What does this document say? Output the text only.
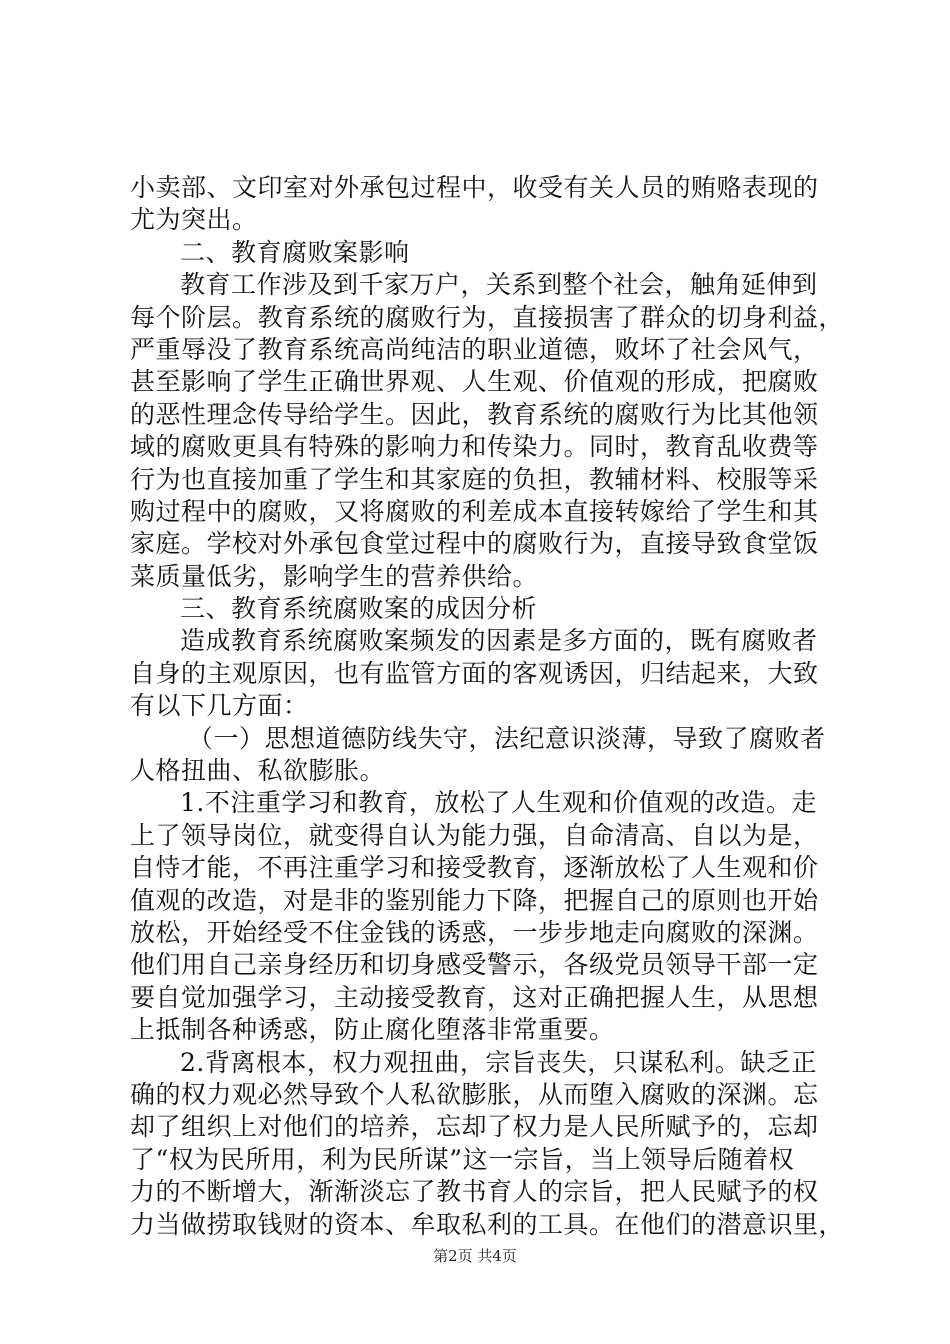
小卖部、文印室对外承包过程中，收受有关人员的贿赂表现的
尤为突出。
二、教育腐败案影响
教育工作涉及到千家万户，关系到整个社会，触角延伸到
每个阶层。教育系统的腐败行为，直接损害了群众的切身利益，
严重辱没了教育系统高尚纯洁的职业道德，败坏了社会风气，
甚至影响了学生正确世界观、人生观、价值观的形成，把腐败
的恶性理念传导给学生。因此，教育系统的腐败行为比其他领
域的腐败更具有特殊的影响力和传染力。同时，教育乱收费等
行为也直接加重了学生和其家庭的负担，教辅材料、校服等采
购过程中的腐败，又将腐败的利差成本直接转嫁给了学生和其
家庭。学校对外承包食堂过程中的腐败行为，直接导致食堂饭
菜质量低劣，影响学生的营养供给。
三、教育系统腐败案的成因分析
造成教育系统腐败案频发的因素是多方面的，既有腐败者
自身的主观原因，也有监管方面的客观诱因，归结起来，大致
有以下几方面：
（一）思想道德防线失守，法纪意识淡薄，导致了腐败者
人格扭曲、私欲膨胀。
1.不注重学习和教育，放松了人生观和价值观的改造。走
上了领导岗位，就变得自认为能力强，自命清高、自以为是，
自恃才能，不再注重学习和接受教育，逐渐放松了人生观和价
值观的改造，对是非的鉴别能力下降，把握自己的原则也开始
放松，开始经受不住金钱的诱惑，一步步地走向腐败的深渊。
他们用自己亲身经历和切身感受警示，各级党员领导干部一定
要自觉加强学习，主动接受教育，这对正确把握人生，从思想
上抵制各种诱惑，防止腐化堕落非常重要。
2.背离根本，权力观扭曲，宗旨丧失，只谋私利。缺乏正
确的权力观必然导致个人私欲膨胀，从而堕入腐败的深渊。忘
却了组织上对他们的培养，忘却了权力是人民所赋予的，忘却
了“权为民所用，利为民所谋”这一宗旨，当上领导后随着权
力的不断增大，渐渐淡忘了教书育人的宗旨，把人民赋予的权
力当做捞取钱财的资本、牟取私利的工具。在他们的潜意识里，
第2页 共4页
